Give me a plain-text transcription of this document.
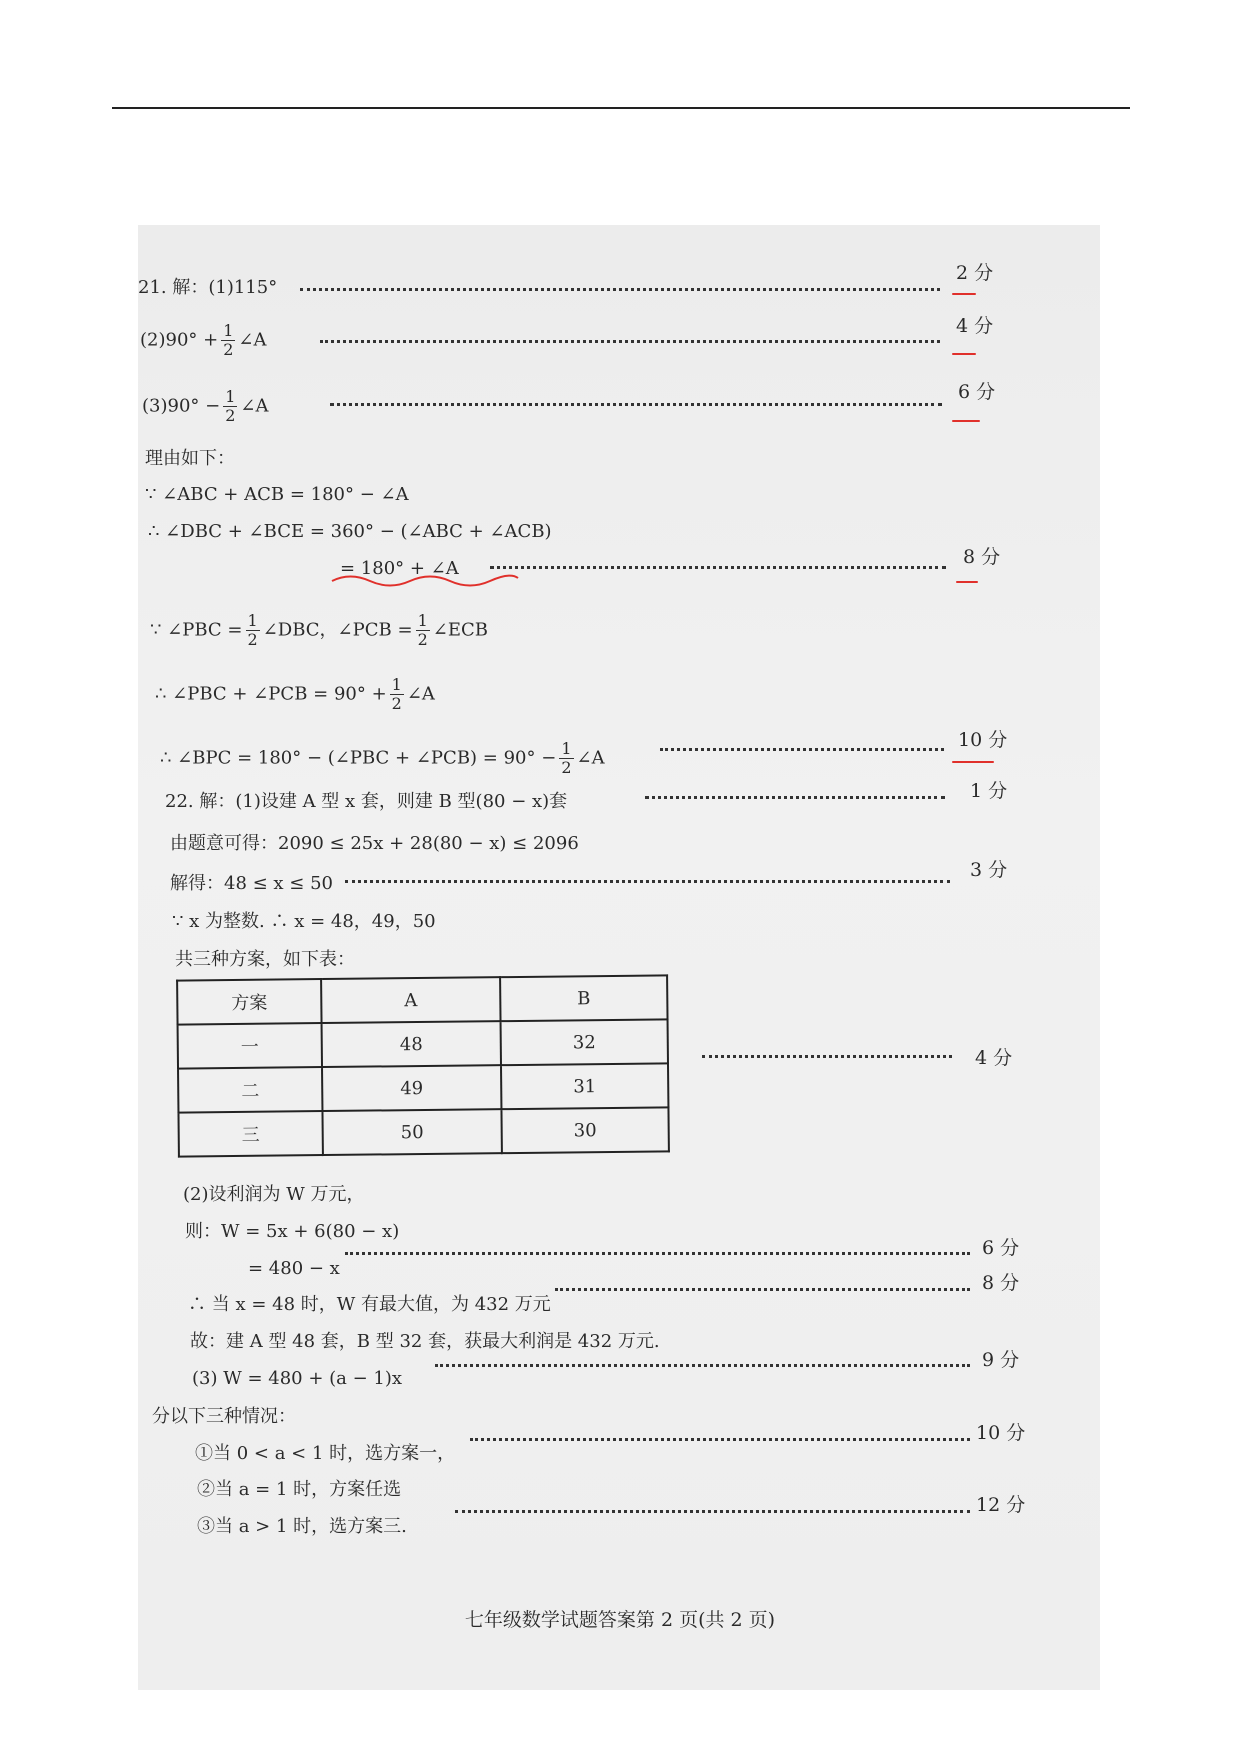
21. 解：(1)115°
2 分
$(2)90^\circ + \frac{1}{2}$ ∠A
4 分
$(3)90^\circ - \frac{1}{2}$ ∠A
6 分
理由如下：
∵ ∠ABC + ACB = 180° − ∠A
∴ ∠DBC + ∠BCE = 360° − (∠ABC + ∠ACB)
= 180° + ∠A
8 分
∵ ∠PBC = $\frac{1}{2}$ ∠DBC，∠PCB = $\frac{1}{2}$ ∠ECB
∴ ∠PBC + ∠PCB = $90^\circ + \frac{1}{2}$ ∠A
∴ ∠BPC = 180° − (∠PBC + ∠PCB) = $90^\circ - \frac{1}{2}$ ∠A
10 分
22. 解：(1)设建 A 型 x 套，则建 B 型(80 − x)套	1 分
由题意可得：2090 ≤ 25x + 28(80 − x) ≤ 2096
解得：48 ≤ x ≤ 50
3 分
∵ x 为整数. ∴ x = 48，49，50
共三种方案，如下表：
方案	A	B
一	48	32
二	49	31
三	50	30
4 分
(2)设利润为 W 万元，
则：W = 5x + 6(80 − x)
= 480 − x
6 分
∴ 当 x = 48 时，W 有最大值，为 432 万元
8 分
故：建 A 型 48 套，B 型 32 套，获最大利润是 432 万元.
(3) W = 480 + (a − 1)x
9 分
分以下三种情况：
①当 0 < a < 1 时，选方案一，
10 分
②当 a = 1 时，方案任选
③当 a > 1 时，选方案三.
12 分
七年级数学试题答案第 2 页(共 2 页)
